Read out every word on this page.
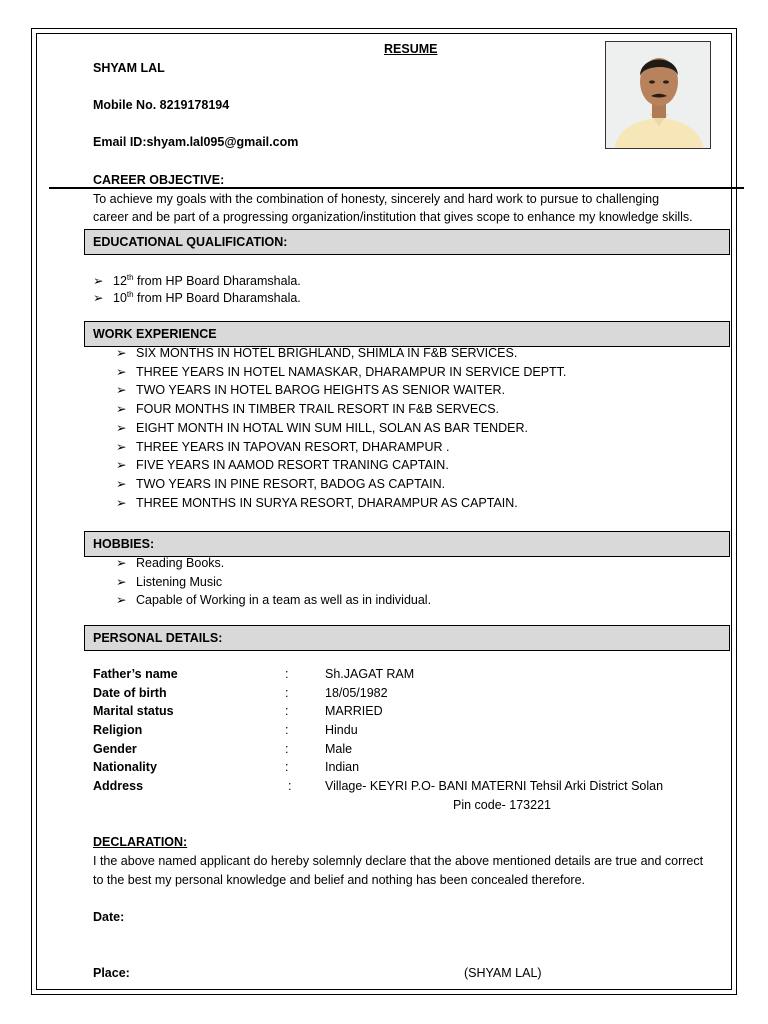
RESUME
SHYAM LAL
Mobile No. 8219178194
Email ID:shyam.lal095@gmail.com
CAREER OBJECTIVE:
To achieve my goals with the combination of honesty, sincerely and hard work to pursue to challenging
career and be part of a progressing organization/institution that gives scope to enhance my knowledge skills.
EDUCATIONAL QUALIFICATION:
➢ 12th from HP Board Dharamshala.
➢ 10th from HP Board Dharamshala.
WORK EXPERIENCE
➢ SIX MONTHS IN HOTEL BRIGHLAND, SHIMLA IN F&B SERVICES.
➢ THREE YEARS IN HOTEL NAMASKAR, DHARAMPUR IN SERVICE DEPTT.
➢ TWO YEARS IN HOTEL BAROG HEIGHTS AS SENIOR WAITER.
➢ FOUR MONTHS IN TIMBER TRAIL RESORT IN F&B SERVECS.
➢ EIGHT MONTH IN HOTAL WIN SUM HILL, SOLAN AS BAR TENDER.
➢ THREE YEARS IN TAPOVAN RESORT, DHARAMPUR .
➢ FIVE YEARS IN AAMOD RESORT TRANING CAPTAIN.
➢ TWO YEARS IN PINE RESORT, BADOG AS CAPTAIN.
➢ THREE MONTHS IN SURYA RESORT, DHARAMPUR AS CAPTAIN.
HOBBIES:
➢ Reading Books.
➢ Listening Music
➢ Capable of Working in a team as well as in individual.
PERSONAL DETAILS:
Father’s name	:	Sh.JAGAT RAM
Date of birth	:	18/05/1982
Marital status	:	MARRIED
Religion	:	Hindu
Gender	:	Male
Nationality	:	Indian
Address	:	Village- KEYRI P.O- BANI MATERNI Tehsil Arki District Solan
Pin code- 173221
DECLARATION:
I the above named applicant do hereby solemnly declare that the above mentioned details are true and correct
to the best my personal knowledge and belief and nothing has been concealed therefore.
Date:
Place:	(SHYAM LAL)
